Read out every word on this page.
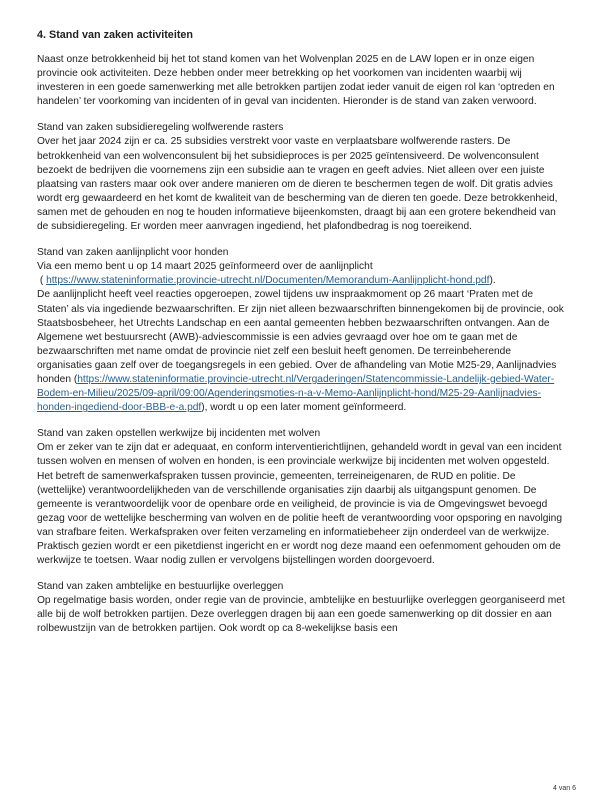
4. Stand van zaken activiteiten

Naast onze betrokkenheid bij het tot stand komen van het Wolvenplan 2025 en de LAW lopen er in onze eigen provincie ook activiteiten. Deze hebben onder meer betrekking op het voorkomen van incidenten waarbij wij investeren in een goede samenwerking met alle betrokken partijen zodat ieder vanuit de eigen rol kan ‘optreden en handelen’ ter voorkoming van incidenten of in geval van incidenten. Hieronder is de stand van zaken verwoord.

Stand van zaken subsidieregeling wolfwerende rasters
Over het jaar 2024 zijn er ca. 25 subsidies verstrekt voor vaste en verplaatsbare wolfwerende rasters. De betrokkenheid van een wolvenconsulent bij het subsidieproces is per 2025 geïntensiveerd. De wolvenconsulent bezoekt de bedrijven die voornemens zijn een subsidie aan te vragen en geeft advies. Niet alleen over een juiste plaatsing van rasters maar ook over andere manieren om de dieren te beschermen tegen de wolf. Dit gratis advies wordt erg gewaardeerd en het komt de kwaliteit van de bescherming van de dieren ten goede. Deze betrokkenheid, samen met de gehouden en nog te houden informatieve bijeenkomsten, draagt bij aan een grotere bekendheid van de subsidieregeling. Er worden meer aanvragen ingediend, het plafondbedrag is nog toereikend.
Stand van zaken aanlijnplicht voor honden
Via een memo bent u op 14 maart 2025 geïnformeerd over de aanlijnplicht
( https://www.stateninformatie.provincie-utrecht.nl/Documenten/Memorandum-Aanlijnplicht-hond.pdf).
De aanlijnplicht heeft veel reacties opgeroepen, zowel tijdens uw inspraakmoment op 26 maart ‘Praten met de Staten’ als via ingediende bezwaarschriften. Er zijn niet alleen bezwaarschriften binnengekomen bij de provincie, ook Staatsbosbeheer, het Utrechts Landschap en een aantal gemeenten hebben bezwaarschriften ontvangen. Aan de Algemene wet bestuursrecht (AWB)-adviescommissie is een advies gevraagd over hoe om te gaan met de bezwaarschriften met name omdat de provincie niet zelf een besluit heeft genomen. De terreinbeherende organisaties gaan zelf over de toegangsregels in een gebied. Over de afhandeling van Motie M25-29, Aanlijnadvies honden (https://www.stateninformatie.provincie-utrecht.nl/Vergaderingen/Statencommissie-Landelijk-gebied-Water-Bodem-en-Milieu/2025/09-april/09:00/Agenderingsmoties-n-a-v-Memo-Aanlijnplicht-hond/M25-29-Aanlijnadvies-honden-ingediend-door-BBB-e-a.pdf), wordt u op een later moment geïnformeerd.
Stand van zaken opstellen werkwijze bij incidenten met wolven
Om er zeker van te zijn dat er adequaat, en conform interventierichtlijnen, gehandeld wordt in geval van een incident tussen wolven en mensen of wolven en honden, is een provinciale werkwijze bij incidenten met wolven opgesteld. Het betreft de samenwerkafspraken tussen provincie, gemeenten, terreineigenaren, de RUD en politie. De (wettelijke) verantwoordelijkheden van de verschillende organisaties zijn daarbij als uitgangspunt genomen. De gemeente is verantwoordelijk voor de openbare orde en veiligheid, de provincie is via de Omgevingswet bevoegd gezag voor de wettelijke bescherming van wolven en de politie heeft de verantwoording voor opsporing en navolging van strafbare feiten. Werkafspraken over feiten verzameling en informatiebeheer zijn onderdeel van de werkwijze. Praktisch gezien wordt er een piketdienst ingericht en er wordt nog deze maand een oefenmoment gehouden om de werkwijze te toetsen. Waar nodig zullen er vervolgens bijstellingen worden doorgevoerd.
Stand van zaken ambtelijke en bestuurlijke overleggen
Op regelmatige basis worden, onder regie van de provincie, ambtelijke en bestuurlijke overleggen georganiseerd met alle bij de wolf betrokken partijen. Deze overleggen dragen bij aan een goede samenwerking op dit dossier en aan rolbewustzijn van de betrokken partijen. Ook wordt op ca 8-wekelijkse basis een
4 van 6
